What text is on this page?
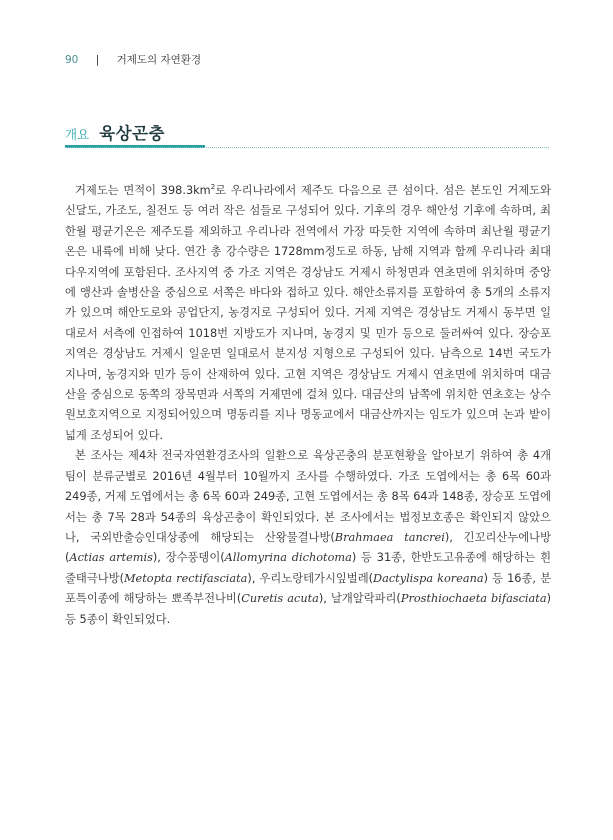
90 | 거제도의 자연환경
개요 육상곤충

거제도는 면적이 $398.3km^2$로 우리나라에서 제주도 다음으로 큰 섬이다. 섬은 본도인 거제도와 신달도, 가조도, 칠전도 등 여러 작은 섬들로 구성되어 있다. 기후의 경우 해안성 기후에 속하며, 최한월 평균기온은 제주도를 제외하고 우리나라 전역에서 가장 따듯한 지역에 속하며 최난월 평균기온은 내륙에 비해 낮다. 연간 총 강수량은 1728mm정도로 하동, 남해 지역과 함께 우리나라 최대 다우지역에 포함된다. 조사지역 중 가조 지역은 경상남도 거제시 하청면과 연초면에 위치하며 중앙에 앵산과 솔병산을 중심으로 서쪽은 바다와 접하고 있다. 해안소류지를 포함하여 총 5개의 소류지가 있으며 해안도로와 공업단지, 농경지로 구성되어 있다. 거제 지역은 경상남도 거제시 동부면 일대로서 서측에 인접하여 1018번 지방도가 지나며, 농경지 및 민가 등으로 둘러싸여 있다. 장승포 지역은 경상남도 거제시 일운면 일대로서 분지성 지형으로 구성되어 있다. 남측으로 14번 국도가 지나며, 농경지와 민가 등이 산재하여 있다. 고현 지역은 경상남도 거제시 연초면에 위치하며 대금산을 중심으로 동쪽의 장목면과 서쪽의 거제면에 걸쳐 있다. 대금산의 남쪽에 위치한 연초호는 상수원보호지역으로 지정되어있으며 명동리를 지나 명동교에서 대금산까지는 임도가 있으며 논과 밭이 넓게 조성되어 있다.

본 조사는 제4차 전국자연환경조사의 일환으로 육상곤충의 분포현황을 알아보기 위하여 총 4개 팀이 분류군별로 2016년 4월부터 10월까지 조사를 수행하였다. 가조 도엽에서는 총 6목 60과 249종, 거제 도엽에서는 총 6목 60과 249종, 고현 도엽에서는 총 8목 64과 148종, 장승포 도엽에서는 총 7목 28과 54종의 육상곤충이 확인되었다. 본 조사에서는 법정보호종은 확인되지 않았으나, 국외반출승인대상종에 해당되는 산왕물결나방(Brahmaea tancrei), 긴꼬리산누에나방(Actias artemis), 장수풍뎅이(Allomyrina dichotoma) 등 31종, 한반도고유종에 해당하는 흰줄태극나방(Metopta rectifasciata), 우리노랑테가시잎벌레(Dactylispa koreana) 등 16종, 분포특이종에 해당하는 뾰족부전나비(Curetis acuta), 날개알락파리(Prosthiochaeta bifasciata) 등 5종이 확인되었다.
